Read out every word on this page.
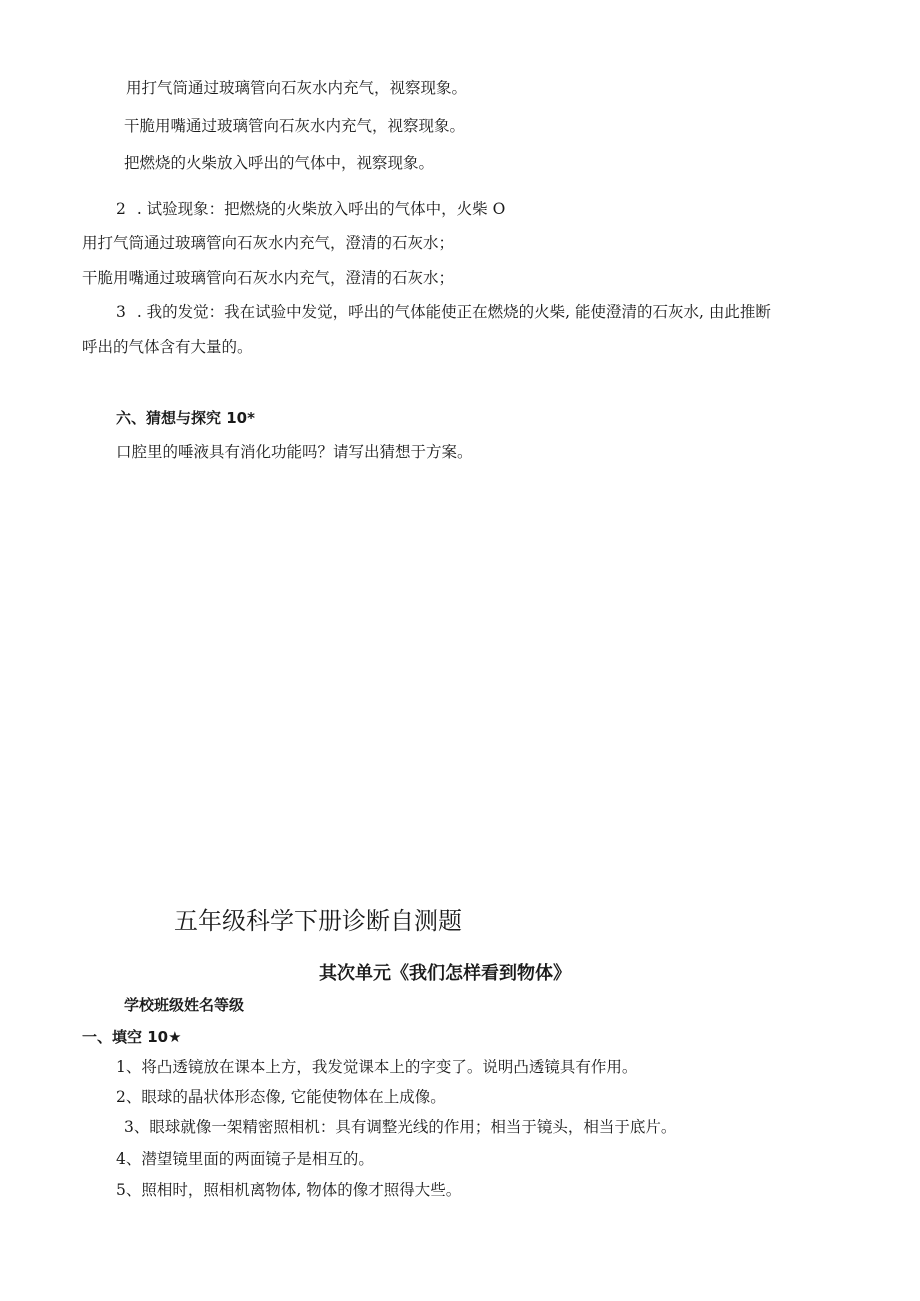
用打气筒通过玻璃管向石灰水内充气，视察现象。
干脆用嘴通过玻璃管向石灰水内充气，视察现象。
把燃烧的火柴放入呼出的气体中，视察现象。
2 . 试验现象：把燃烧的火柴放入呼出的气体中，火柴 O
用打气筒通过玻璃管向石灰水内充气，澄清的石灰水；
干脆用嘴通过玻璃管向石灰水内充气，澄清的石灰水；
3 . 我的发觉：我在试验中发觉，呼出的气体能使正在燃烧的火柴, 能使澄清的石灰水, 由此推断
呼出的气体含有大量的。
六、猜想与探究 10*
口腔里的唾液具有消化功能吗？请写出猜想于方案。
五年级科学下册诊断自测题
其次单元《我们怎样看到物体》
学校班级姓名等级
一、填空 10★
1、将凸透镜放在课本上方，我发觉课本上的字变了。说明凸透镜具有作用。
2、眼球的晶状体形态像, 它能使物体在上成像。
3、眼球就像一架精密照相机：具有调整光线的作用；相当于镜头，相当于底片。
4、潜望镜里面的两面镜子是相互的。
5、照相时，照相机离物体, 物体的像才照得大些。
